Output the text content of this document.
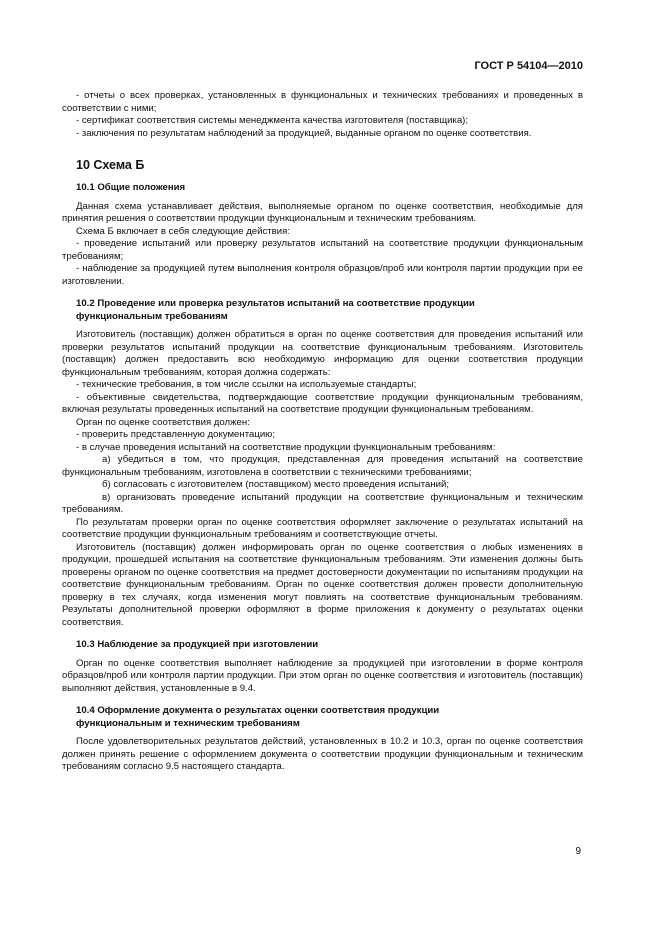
ГОСТ Р 54104—2010

- отчеты о всех проверках, установленных в функциональных и технических требованиях и проведенных в соответствии с ними;

- сертификат соответствия системы менеджмента качества изготовителя (поставщика);

- заключения по результатам наблюдений за продукцией, выданные органом по оценке соответствия.

10 Схема Б
10.1 Общие положения

Данная схема устанавливает действия, выполняемые органом по оценке соответствия, необходимые для принятия решения о соответствии продукции функциональным и техническим требованиям.

Схема Б включает в себя следующие действия:

- проведение испытаний или проверку результатов испытаний на соответствие продукции функциональным требованиям;

- наблюдение за продукцией путем выполнения контроля образцов/проб или контроля партии продукции при ее изготовлении.

10.2 Проведение или проверка результатов испытаний на соответствие продукции
функциональным требованиям

Изготовитель (поставщик) должен обратиться в орган по оценке соответствия для проведения испытаний или проверки результатов испытаний продукции на соответствие функциональным требованиям. Изготовитель (поставщик) должен предоставить всю необходимую информацию для оценки соответствия продукции функциональным требованиям, которая должна содержать:

- технические требования, в том числе ссылки на используемые стандарты;

- объективные свидетельства, подтверждающие соответствие продукции функциональным требованиям, включая результаты проведенных испытаний на соответствие продукции функциональным требованиям.

Орган по оценке соответствия должен:

- проверить представленную документацию;

- в случае проведения испытаний на соответствие продукции функциональным требованиям:

а) убедиться в том, что продукция, представленная для проведения испытаний на соответствие функциональным требованиям, изготовлена в соответствии с техническими требованиями;

б) согласовать с изготовителем (поставщиком) место проведения испытаний;

в) организовать проведение испытаний продукции на соответствие функциональным и техническим требованиям.

По результатам проверки орган по оценке соответствия оформляет заключение о результатах испытаний на соответствие продукции функциональным требованиям и соответствующие отчеты.

Изготовитель (поставщик) должен информировать орган по оценке соответствия о любых изменениях в продукции, прошедшей испытания на соответствие функциональным требованиям. Эти изменения должны быть проверены органом по оценке соответствия на предмет достоверности документации по испытаниям продукции на соответствие функциональным требованиям. Орган по оценке соответствия должен провести дополнительную проверку в тех случаях, когда изменения могут повлиять на соответствие функциональным требованиям. Результаты дополнительной проверки оформляют в форме приложения к документу о результатах оценки соответствия.

10.3 Наблюдение за продукцией при изготовлении

Орган по оценке соответствия выполняет наблюдение за продукцией при изготовлении в форме контроля образцов/проб или контроля партии продукции. При этом орган по оценке соответствия и изготовитель (поставщик) выполняют действия, установленные в 9.4.

10.4 Оформление документа о результатах оценки соответствия продукции
функциональным и техническим требованиям

После удовлетворительных результатов действий, установленных в 10.2 и 10.3, орган по оценке соответствия должен принять решение с оформлением документа о соответствии продукции функциональным и техническим требованиям согласно 9.5 настоящего стандарта.

9
